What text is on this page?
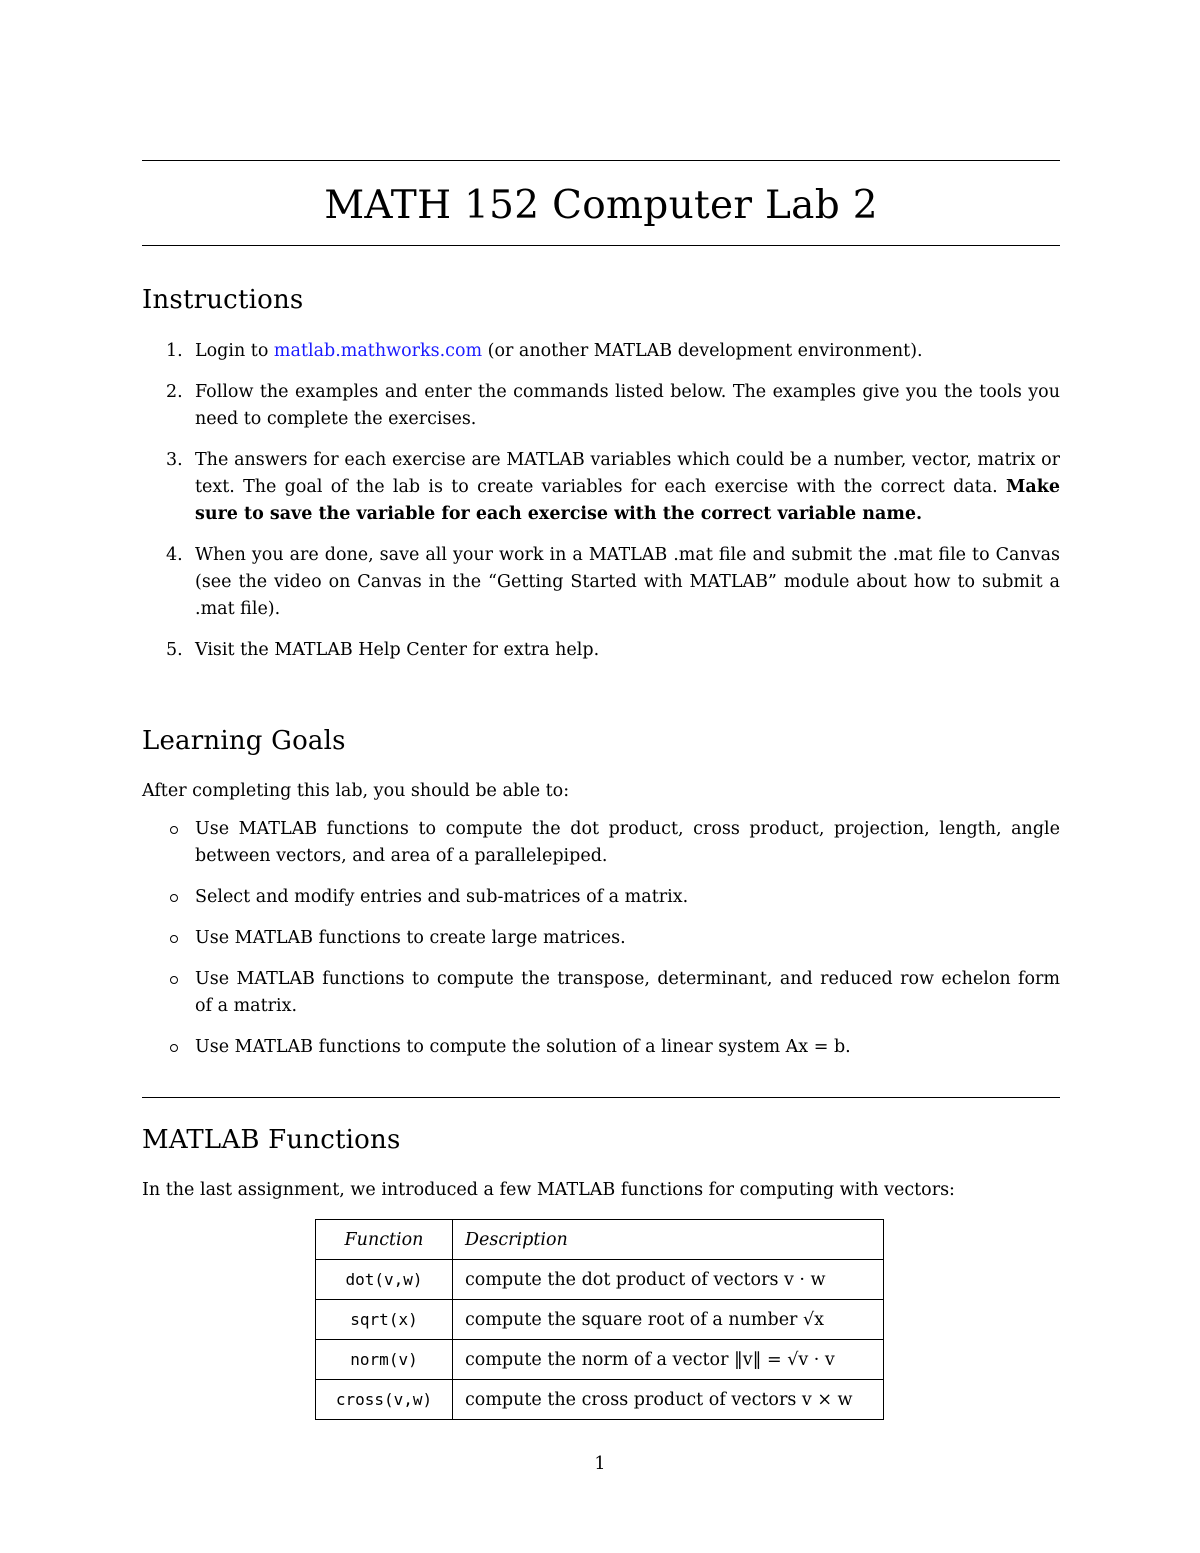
MATH 152 Computer Lab 2
Instructions
1. Login to matlab.mathworks.com (or another MATLAB development environment).
2. Follow the examples and enter the commands listed below. The examples give you the tools you need to complete the exercises.
3. The answers for each exercise are MATLAB variables which could be a number, vector, matrix or text. The goal of the lab is to create variables for each exercise with the correct data. Make sure to save the variable for each exercise with the correct variable name.
4. When you are done, save all your work in a MATLAB .mat file and submit the .mat file to Canvas (see the video on Canvas in the “Getting Started with MATLAB” module about how to submit a .mat file).
5. Visit the MATLAB Help Center for extra help.
Learning Goals

After completing this lab, you should be able to:

Use MATLAB functions to compute the dot product, cross product, projection, length, angle between vectors, and area of a parallelepiped.
Select and modify entries and sub-matrices of a matrix.
Use MATLAB functions to create large matrices.
Use MATLAB functions to compute the transpose, determinant, and reduced row echelon form of a matrix.
Use MATLAB functions to compute the solution of a linear system Ax = b.
MATLAB Functions

In the last assignment, we introduced a few MATLAB functions for computing with vectors:

Function	Description
dot(v,w)	compute the dot product of vectors v · w
sqrt(x)	compute the square root of a number √x
norm(v)	compute the norm of a vector ‖v‖ = √v · v
cross(v,w)	compute the cross product of vectors v × w
1
